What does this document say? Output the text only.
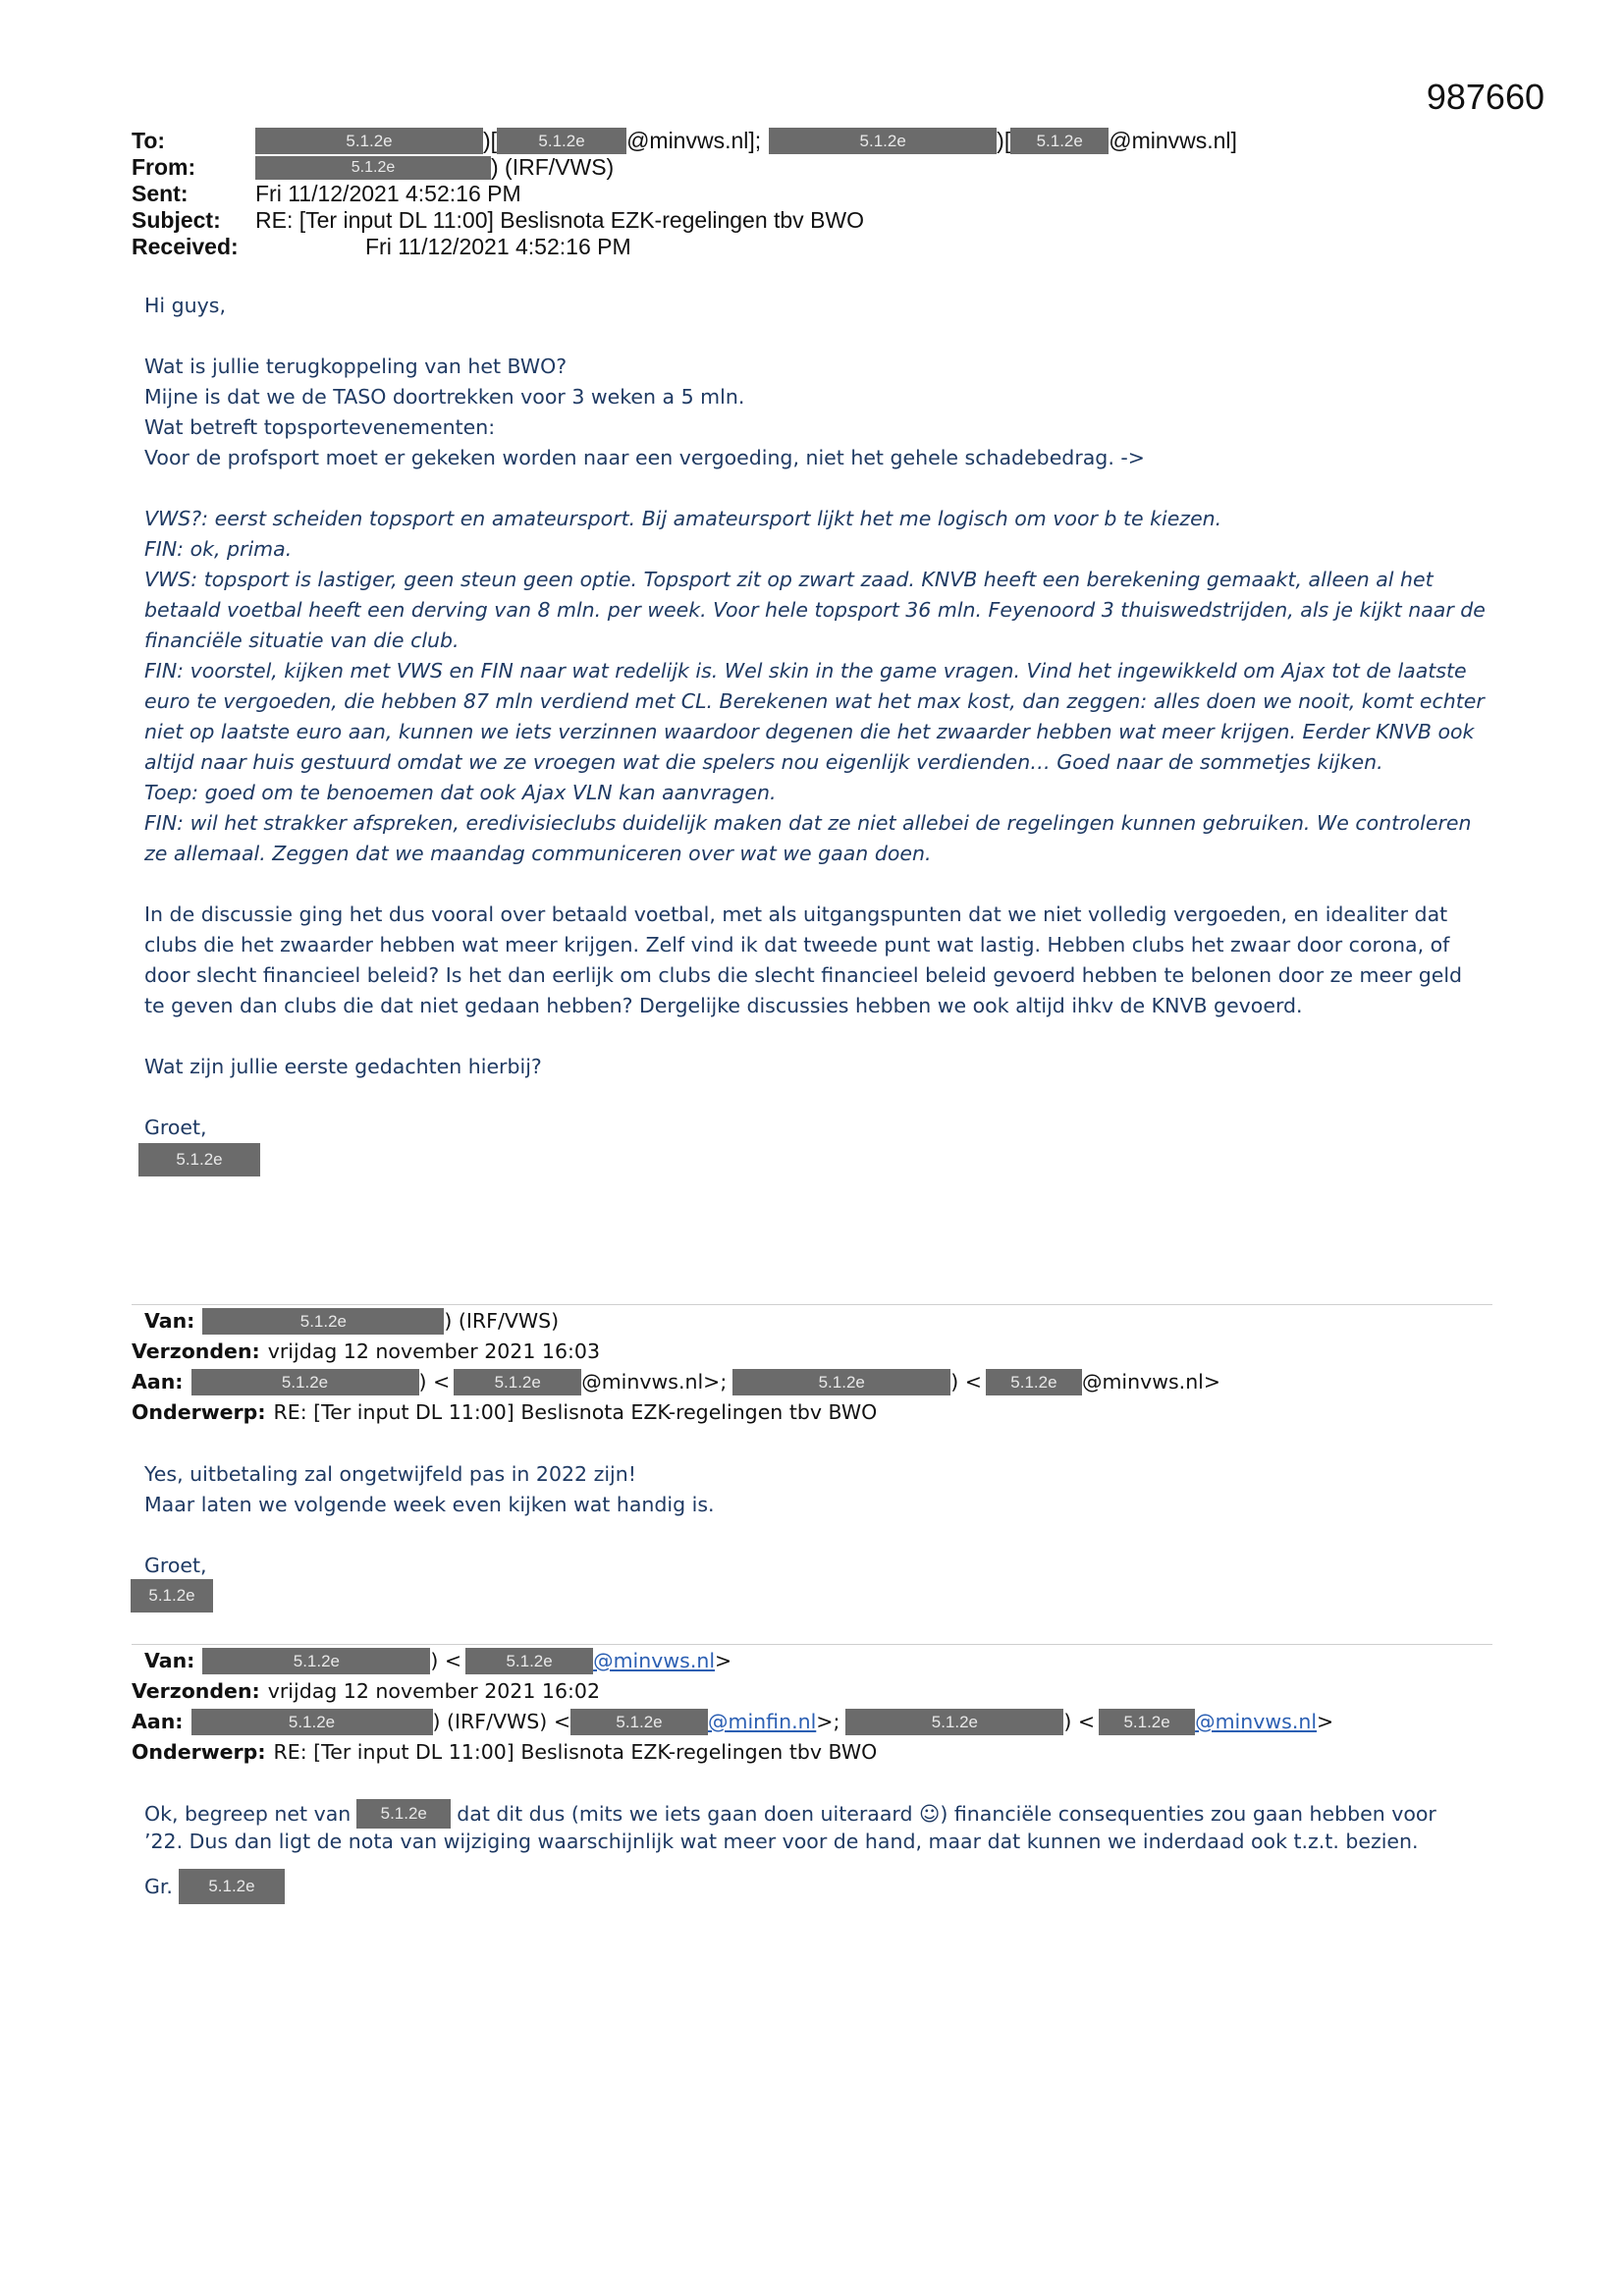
987660
To:	5.1.2e	)[	5.1.2e	@minvws.nl];	5.1.2e	)[	5.1.2e	@minvws.nl]
From:	5.1.2e	) (IRF/VWS)
Sent:	Fri 11/12/2021 4:52:16 PM
Subject:	RE: [Ter input DL 11:00] Beslisnota EZK-regelingen tbv BWO
Received:	Fri 11/12/2021 4:52:16 PM

Hi guys,

Wat is jullie terugkoppeling van het BWO?

Mijne is dat we de TASO doortrekken voor 3 weken a 5 mln.

Wat betreft topsportevenementen:

Voor de profsport moet er gekeken worden naar een vergoeding, niet het gehele schadebedrag. ->

VWS?: eerst scheiden topsport en amateursport. Bij amateursport lijkt het me logisch om voor b te kiezen.

FIN: ok, prima.

VWS: topsport is lastiger, geen steun geen optie. Topsport zit op zwart zaad. KNVB heeft een berekening gemaakt, alleen al het

betaald voetbal heeft een derving van 8 mln. per week. Voor hele topsport 36 mln. Feyenoord 3 thuiswedstrijden, als je kijkt naar de

financiële situatie van die club.

FIN: voorstel, kijken met VWS en FIN naar wat redelijk is. Wel skin in the game vragen. Vind het ingewikkeld om Ajax tot de laatste

euro te vergoeden, die hebben 87 mln verdiend met CL. Berekenen wat het max kost, dan zeggen: alles doen we nooit, komt echter

niet op laatste euro aan, kunnen we iets verzinnen waardoor degenen die het zwaarder hebben wat meer krijgen. Eerder KNVB ook

altijd naar huis gestuurd omdat we ze vroegen wat die spelers nou eigenlijk verdienden… Goed naar de sommetjes kijken.

Toep: goed om te benoemen dat ook Ajax VLN kan aanvragen.

FIN: wil het strakker afspreken, eredivisieclubs duidelijk maken dat ze niet allebei de regelingen kunnen gebruiken. We controleren

ze allemaal. Zeggen dat we maandag communiceren over wat we gaan doen.

In de discussie ging het dus vooral over betaald voetbal, met als uitgangspunten dat we niet volledig vergoeden, en idealiter dat

clubs die het zwaarder hebben wat meer krijgen. Zelf vind ik dat tweede punt wat lastig. Hebben clubs het zwaar door corona, of

door slecht financieel beleid? Is het dan eerlijk om clubs die slecht financieel beleid gevoerd hebben te belonen door ze meer geld

te geven dan clubs die dat niet gedaan hebben? Dergelijke discussies hebben we ook altijd ihkv de KNVB gevoerd.

Wat zijn jullie eerste gedachten hierbij?

Groet,

5.1.2e
Van:	5.1.2e	) (IRF/VWS)
Verzonden: vrijdag 12 november 2021 16:03
Aan:	5.1.2e	) <	5.1.2e	@minvws.nl>;	5.1.2e	) <	5.1.2e	@minvws.nl>
Onderwerp: RE: [Ter input DL 11:00] Beslisnota EZK-regelingen tbv BWO

Yes, uitbetaling zal ongetwijfeld pas in 2022 zijn!

Maar laten we volgende week even kijken wat handig is.

Groet,

5.1.2e
Van:	5.1.2e	) <	5.1.2e	@minvws.nl >
Verzonden: vrijdag 12 november 2021 16:02
Aan:	5.1.2e	) (IRF/VWS) <	5.1.2e	@minfin.nl >;	5.1.2e	) <	5.1.2e	@minvws.nl >
Onderwerp: RE: [Ter input DL 11:00] Beslisnota EZK-regelingen tbv BWO

Ok, begreep net van	5.1.2e	dat dit dus (mits we iets gaan doen uiteraard ☺) financiële consequenties zou gaan hebben voor

’22. Dus dan ligt de nota van wijziging waarschijnlijk wat meer voor de hand, maar dat kunnen we inderdaad ook t.z.t. bezien.

Gr.	5.1.2e
